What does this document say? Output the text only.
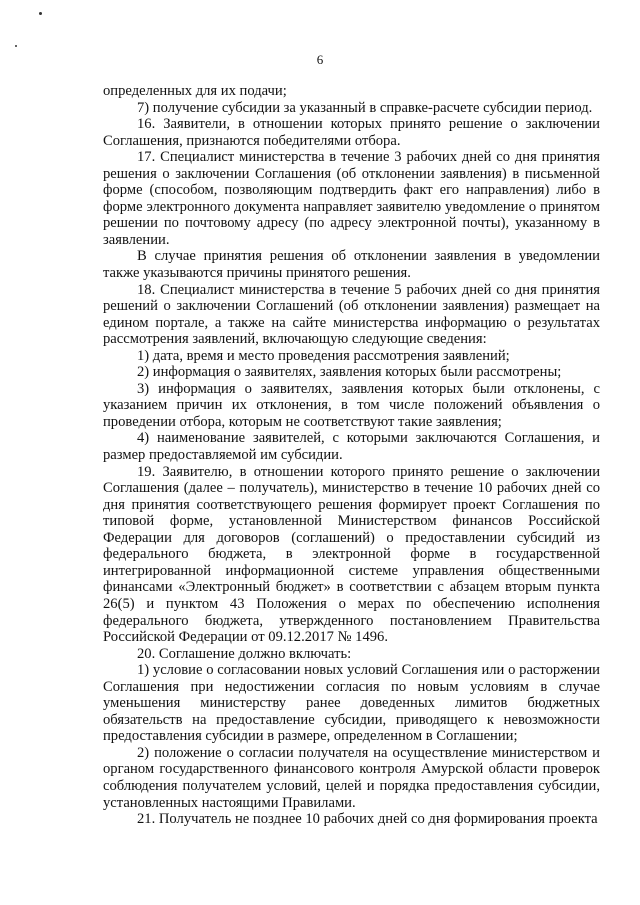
6

определенных для их подачи;

7) получение субсидии за указанный в справке-расчете субсидии период.

16. Заявители, в отношении которых принято решение о заключении Соглашения, признаются победителями отбора.

17. Специалист министерства в течение 3 рабочих дней со дня принятия решения о заключении Соглашения (об отклонении заявления) в письменной форме (способом, позволяющим подтвердить факт его направления) либо в форме электронного документа направляет заявителю уведомление о принятом решении по почтовому адресу (по адресу электронной почты), указанному в заявлении.

В случае принятия решения об отклонении заявления в уведомлении также указываются причины принятого решения.

18. Специалист министерства в течение 5 рабочих дней со дня принятия решений о заключении Соглашений (об отклонении заявления) размещает на едином портале, а также на сайте министерства информацию о результатах рассмотрения заявлений, включающую следующие сведения:

1) дата, время и место проведения рассмотрения заявлений;

2) информация о заявителях, заявления которых были рассмотрены;

3) информация о заявителях, заявления которых были отклонены, с указанием причин их отклонения, в том числе положений объявления о проведении отбора, которым не соответствуют такие заявления;

4) наименование заявителей, с которыми заключаются Соглашения, и размер предоставляемой им субсидии.

19. Заявителю, в отношении которого принято решение о заключении Соглашения (далее – получатель), министерство в течение 10 рабочих дней со дня принятия соответствующего решения формирует проект Соглашения по типовой форме, установленной Министерством финансов Российской Федерации для договоров (соглашений) о предоставлении субсидий из федерального бюджета, в электронной форме в государственной интегрированной информационной системе управления общественными финансами «Электронный бюджет» в соответствии с абзацем вторым пункта 26(5) и пунктом 43 Положения о мерах по обеспечению исполнения федерального бюджета, утвержденного постановлением Правительства Российской Федерации от 09.12.2017 № 1496.

20. Соглашение должно включать:

1) условие о согласовании новых условий Соглашения или о расторжении Соглашения при недостижении согласия по новым условиям в случае уменьшения министерству ранее доведенных лимитов бюджетных обязательств на предоставление субсидии, приводящего к невозможности предоставления субсидии в размере, определенном в Соглашении;

2) положение о согласии получателя на осуществление министерством и органом государственного финансового контроля Амурской области проверок соблюдения получателем условий, целей и порядка предоставления субсидии, установленных настоящими Правилами.

21. Получатель не позднее 10 рабочих дней со дня формирования проекта
